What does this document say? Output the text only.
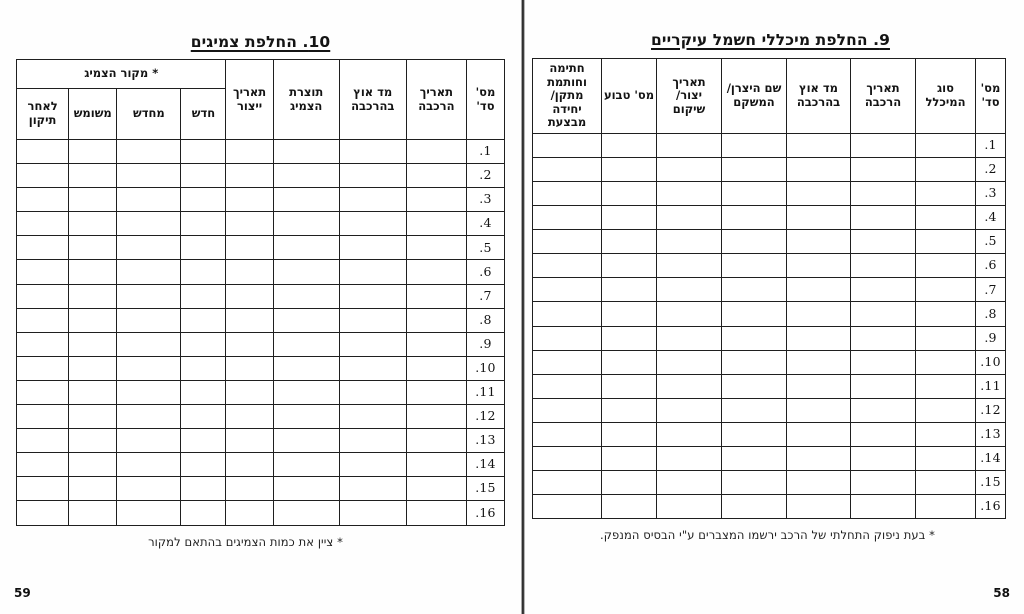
10. החלפת צמיגים
מס' סד'	תאריך הרכבה	מד אוץ בהרכבה	תוצרת הצמיג	תאריך ייצור	* מקור הצמיג			
					חדש	מחדש	משומש	לאחר תיקון
.1								
.2								
.3								
.4								
.5								
.6								
.7								
.8								
.9								
.10								
.11								
.12								
.13								
.14								
.15								
.16								

* ציין את כמות הצמיגים בהתאם למקור

59
9. החלפת מיכללי חשמל עיקריים
מס' סד'	סוג המיכלל	תאריך הרכבה	מד אוץ בהרכבה	שם היצרן/ המשקם	תאריך יצור/ שיקום	מס' טבוע	חתימה וחותמת מתקן/ יחידה מבצעת
.1							
.2							
.3							
.4							
.5							
.6							
.7							
.8							
.9							
.10							
.11							
.12							
.13							
.14							
.15							
.16							

* בעת ניפוק התחלתי של הרכב ירשמו המצברים ע"י הבסיס המנפק.

58
